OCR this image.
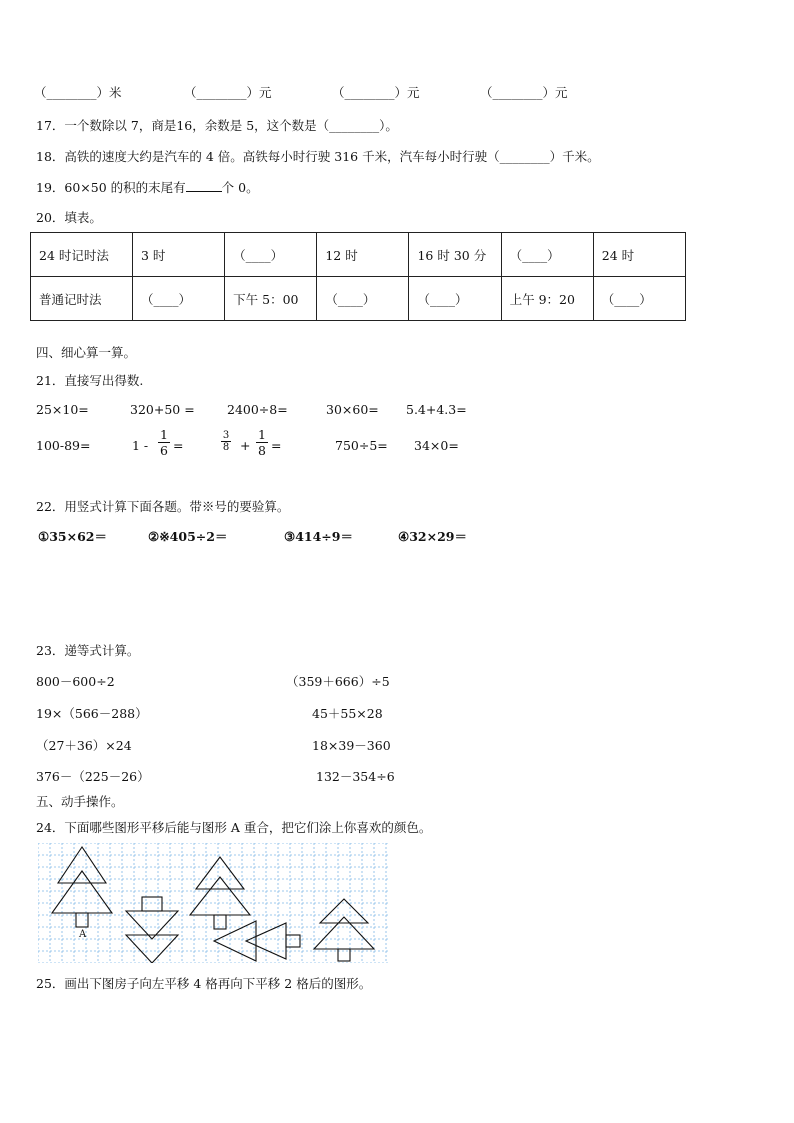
（________）米	（________）元	（________）元	（________）元
17．一个数除以 7，商是16，余数是 5，这个数是（________）。
18．高铁的速度大约是汽车的 4 倍。高铁每小时行驶 316 千米，汽车每小时行驶（________）千米。
19．60×50 的积的末尾有	个 0。
20．填表。
24 时记时法	3 时	（____）	12 时	16 时 30 分	（____）	24 时
普通记时法	（____）	下午 5：00	（____）	（____）	上午 9：20	（____）
四、细心算一算。
21．直接写出得数.
25×10=	320+50 =	2400÷8=	30×60= 5.4+4.3=
100-89=	$1 - \frac{1}{6}$ =	$\frac{3}{8} + \frac{1}{8}$ =	750÷5= 34×0=
22．用竖式计算下面各题。带※号的要验算。
①35×62＝	②※405÷2＝	③414÷9＝	④32×29＝
23．递等式计算。
800－600÷2	（359＋666）÷5
19×（566－288）	45＋55×28
（27＋36）×24	18×39－360
376－（225－26）	132－354÷6
五、动手操作。
24．下面哪些图形平移后能与图形 A 重合，把它们涂上你喜欢的颜色。
A
25．画出下图房子向左平移 4 格再向下平移 2 格后的图形。
